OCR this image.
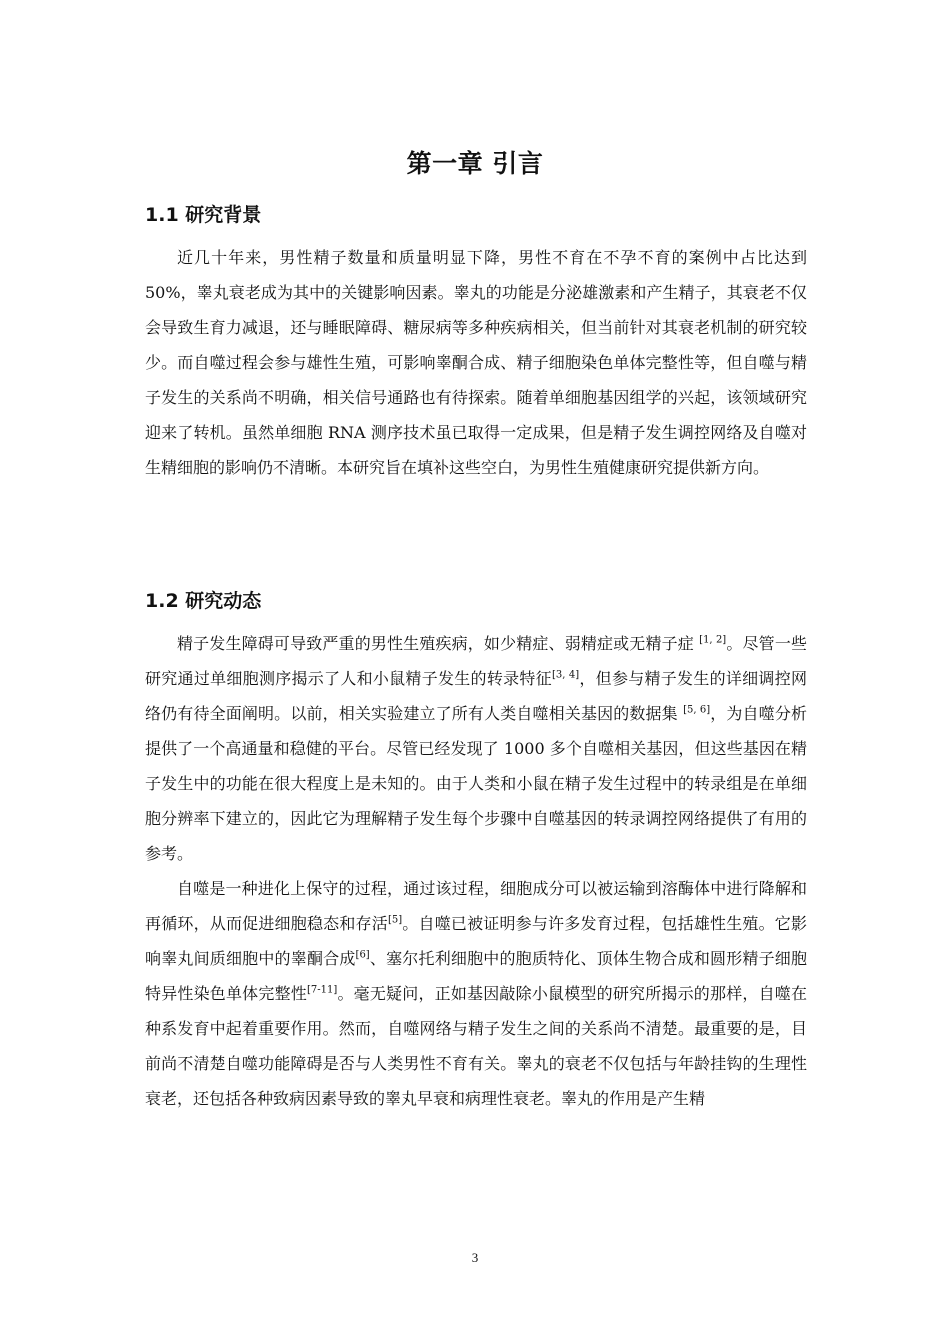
第一章 引言
1.1 研究背景

近几十年来，男性精子数量和质量明显下降，男性不育在不孕不育的案例中占比达到 50%，睾丸衰老成为其中的关键影响因素。睾丸的功能是分泌雄激素和产生精子，其衰老不仅会导致生育力减退，还与睡眠障碍、糖尿病等多种疾病相关，但当前针对其衰老机制的研究较少。而自噬过程会参与雄性生殖，可影响睾酮合成、精子细胞染色单体完整性等，但自噬与精子发生的关系尚不明确，相关信号通路也有待探索。随着单细胞基因组学的兴起，该领域研究迎来了转机。虽然单细胞 RNA 测序技术虽已取得一定成果，但是精子发生调控网络及自噬对生精细胞的影响仍不清晰。本研究旨在填补这些空白，为男性生殖健康研究提供新方向。

1.2 研究动态

精子发生障碍可导致严重的男性生殖疾病，如少精症、弱精症或无精子症 [1, 2]。尽管一些研究通过单细胞测序揭示了人和小鼠精子发生的转录特征[3, 4]，但参与精子发生的详细调控网络仍有待全面阐明。以前，相关实验建立了所有人类自噬相关基因的数据集 [5, 6]，为自噬分析提供了一个高通量和稳健的平台。尽管已经发现了 1000 多个自噬相关基因，但这些基因在精子发生中的功能在很大程度上是未知的。由于人类和小鼠在精子发生过程中的转录组是在单细胞分辨率下建立的，因此它为理解精子发生每个步骤中自噬基因的转录调控网络提供了有用的参考。

自噬是一种进化上保守的过程，通过该过程，细胞成分可以被运输到溶酶体中进行降解和再循环，从而促进细胞稳态和存活[5]。自噬已被证明参与许多发育过程，包括雄性生殖。它影响睾丸间质细胞中的睾酮合成[6]、塞尔托利细胞中的胞质特化、顶体生物合成和圆形精子细胞特异性染色单体完整性[7-11]。毫无疑问，正如基因敲除小鼠模型的研究所揭示的那样，自噬在种系发育中起着重要作用。然而，自噬网络与精子发生之间的关系尚不清楚。最重要的是，目前尚不清楚自噬功能障碍是否与人类男性不育有关。睾丸的衰老不仅包括与年龄挂钩的生理性衰老，还包括各种致病因素导致的睾丸早衰和病理性衰老。睾丸的作用是产生精

3
